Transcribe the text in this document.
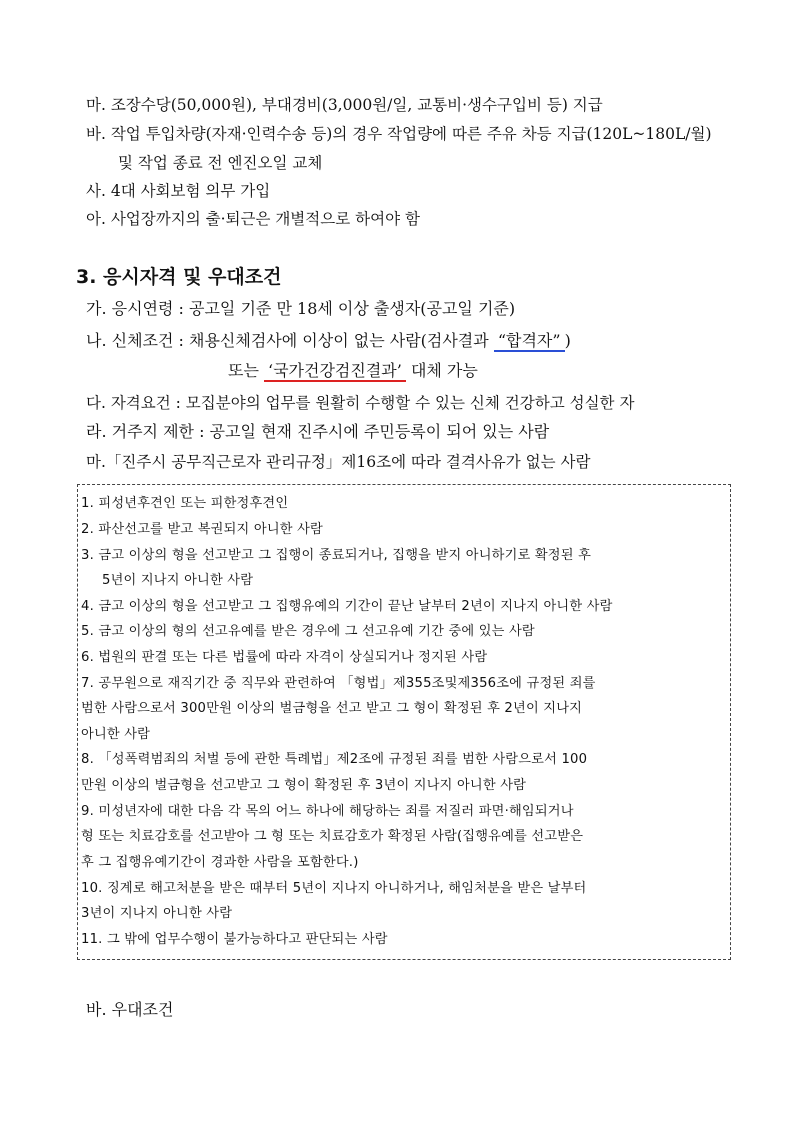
마. 조장수당(50,000원), 부대경비(3,000원/일, 교통비·생수구입비 등) 지급
바. 작업 투입차량(자재·인력수송 등)의 경우 작업량에 따른 주유 차등 지급(120L~180L/월)
및 작업 종료 전 엔진오일 교체
사. 4대 사회보험 의무 가입
아. 사업장까지의 출·퇴근은 개별적으로 하여야 함
3. 응시자격 및 우대조건
가. 응시연령 : 공고일 기준 만 18세 이상 출생자(공고일 기준)
나. 신체조건 : 채용신체검사에 이상이 없는 사람(검사결과 “합격자” )
또는 ‘국가건강검진결과’ 대체 가능
다. 자격요건 : 모집분야의 업무를 원활히 수행할 수 있는 신체 건강하고 성실한 자
라. 거주지 제한 : 공고일 현재 진주시에 주민등록이 되어 있는 사람
마.「진주시 공무직근로자 관리규정」제16조에 따라 결격사유가 없는 사람
1. 피성년후견인 또는 피한정후견인
2. 파산선고를 받고 복권되지 아니한 사람
3. 금고 이상의 형을 선고받고 그 집행이 종료되거나, 집행을 받지 아니하기로 확정된 후
5년이 지나지 아니한 사람
4. 금고 이상의 형을 선고받고 그 집행유예의 기간이 끝난 날부터 2년이 지나지 아니한 사람
5. 금고 이상의 형의 선고유예를 받은 경우에 그 선고유예 기간 중에 있는 사람
6. 법원의 판결 또는 다른 법률에 따라 자격이 상실되거나 정지된 사람
7. 공무원으로 재직기간 중 직무와 관련하여 「형법」제355조및제356조에 규정된 죄를
범한 사람으로서 300만원 이상의 벌금형을 선고 받고 그 형이 확정된 후 2년이 지나지
아니한 사람
8. 「성폭력범죄의 처벌 등에 관한 특례법」제2조에 규정된 죄를 범한 사람으로서 100
만원 이상의 벌금형을 선고받고 그 형이 확정된 후 3년이 지나지 아니한 사람
9. 미성년자에 대한 다음 각 목의 어느 하나에 해당하는 죄를 저질러 파면·해임되거나
형 또는 치료감호를 선고받아 그 형 또는 치료감호가 확정된 사람(집행유예를 선고받은
후 그 집행유예기간이 경과한 사람을 포함한다.)
10. 징계로 해고처분을 받은 때부터 5년이 지나지 아니하거나, 해임처분을 받은 날부터
3년이 지나지 아니한 사람
11. 그 밖에 업무수행이 불가능하다고 판단되는 사람
바. 우대조건
